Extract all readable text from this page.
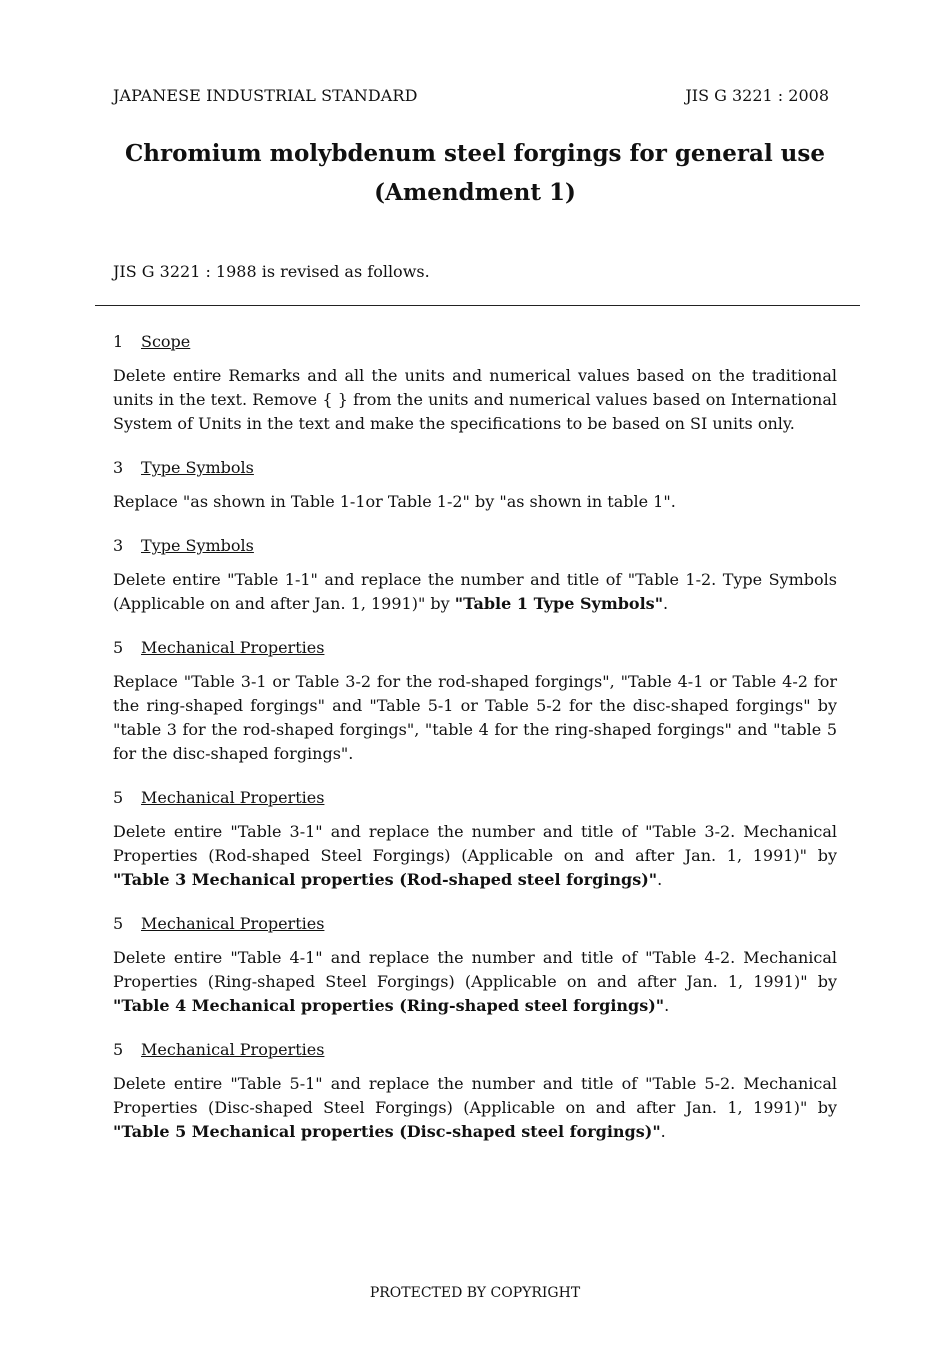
JAPANESE INDUSTRIAL STANDARD	JIS G 3221 : 2008
Chromium molybdenum steel forgings for general use
(Amendment 1)
JIS G 3221 : 1988 is revised as follows.
1 Scope
Delete entire Remarks and all the units and numerical values based on the traditional units in the text. Remove { } from the units and numerical values based on International System of Units in the text and make the specifications to be based on SI units only.
3 Type Symbols
Replace "as shown in Table 1-1or Table 1-2" by "as shown in table 1".
3 Type Symbols
Delete entire "Table 1-1" and replace the number and title of "Table 1-2. Type Symbols (Applicable on and after Jan. 1, 1991)" by "Table 1 Type Symbols".
5 Mechanical Properties
Replace "Table 3-1 or Table 3-2 for the rod-shaped forgings", "Table 4-1 or Table 4-2 for the ring-shaped forgings" and "Table 5-1 or Table 5-2 for the disc-shaped forgings" by "table 3 for the rod-shaped forgings", "table 4 for the ring-shaped forgings" and "table 5 for the disc-shaped forgings".
5 Mechanical Properties
Delete entire "Table 3-1" and replace the number and title of "Table 3-2. Mechanical Properties (Rod-shaped Steel Forgings) (Applicable on and after Jan. 1, 1991)" by "Table 3 Mechanical properties (Rod-shaped steel forgings)".
5 Mechanical Properties
Delete entire "Table 4-1" and replace the number and title of "Table 4-2. Mechanical Properties (Ring-shaped Steel Forgings) (Applicable on and after Jan. 1, 1991)" by "Table 4 Mechanical properties (Ring-shaped steel forgings)".
5 Mechanical Properties
Delete entire "Table 5-1" and replace the number and title of "Table 5-2. Mechanical Properties (Disc-shaped Steel Forgings) (Applicable on and after Jan. 1, 1991)" by "Table 5 Mechanical properties (Disc-shaped steel forgings)".
PROTECTED BY COPYRIGHT
